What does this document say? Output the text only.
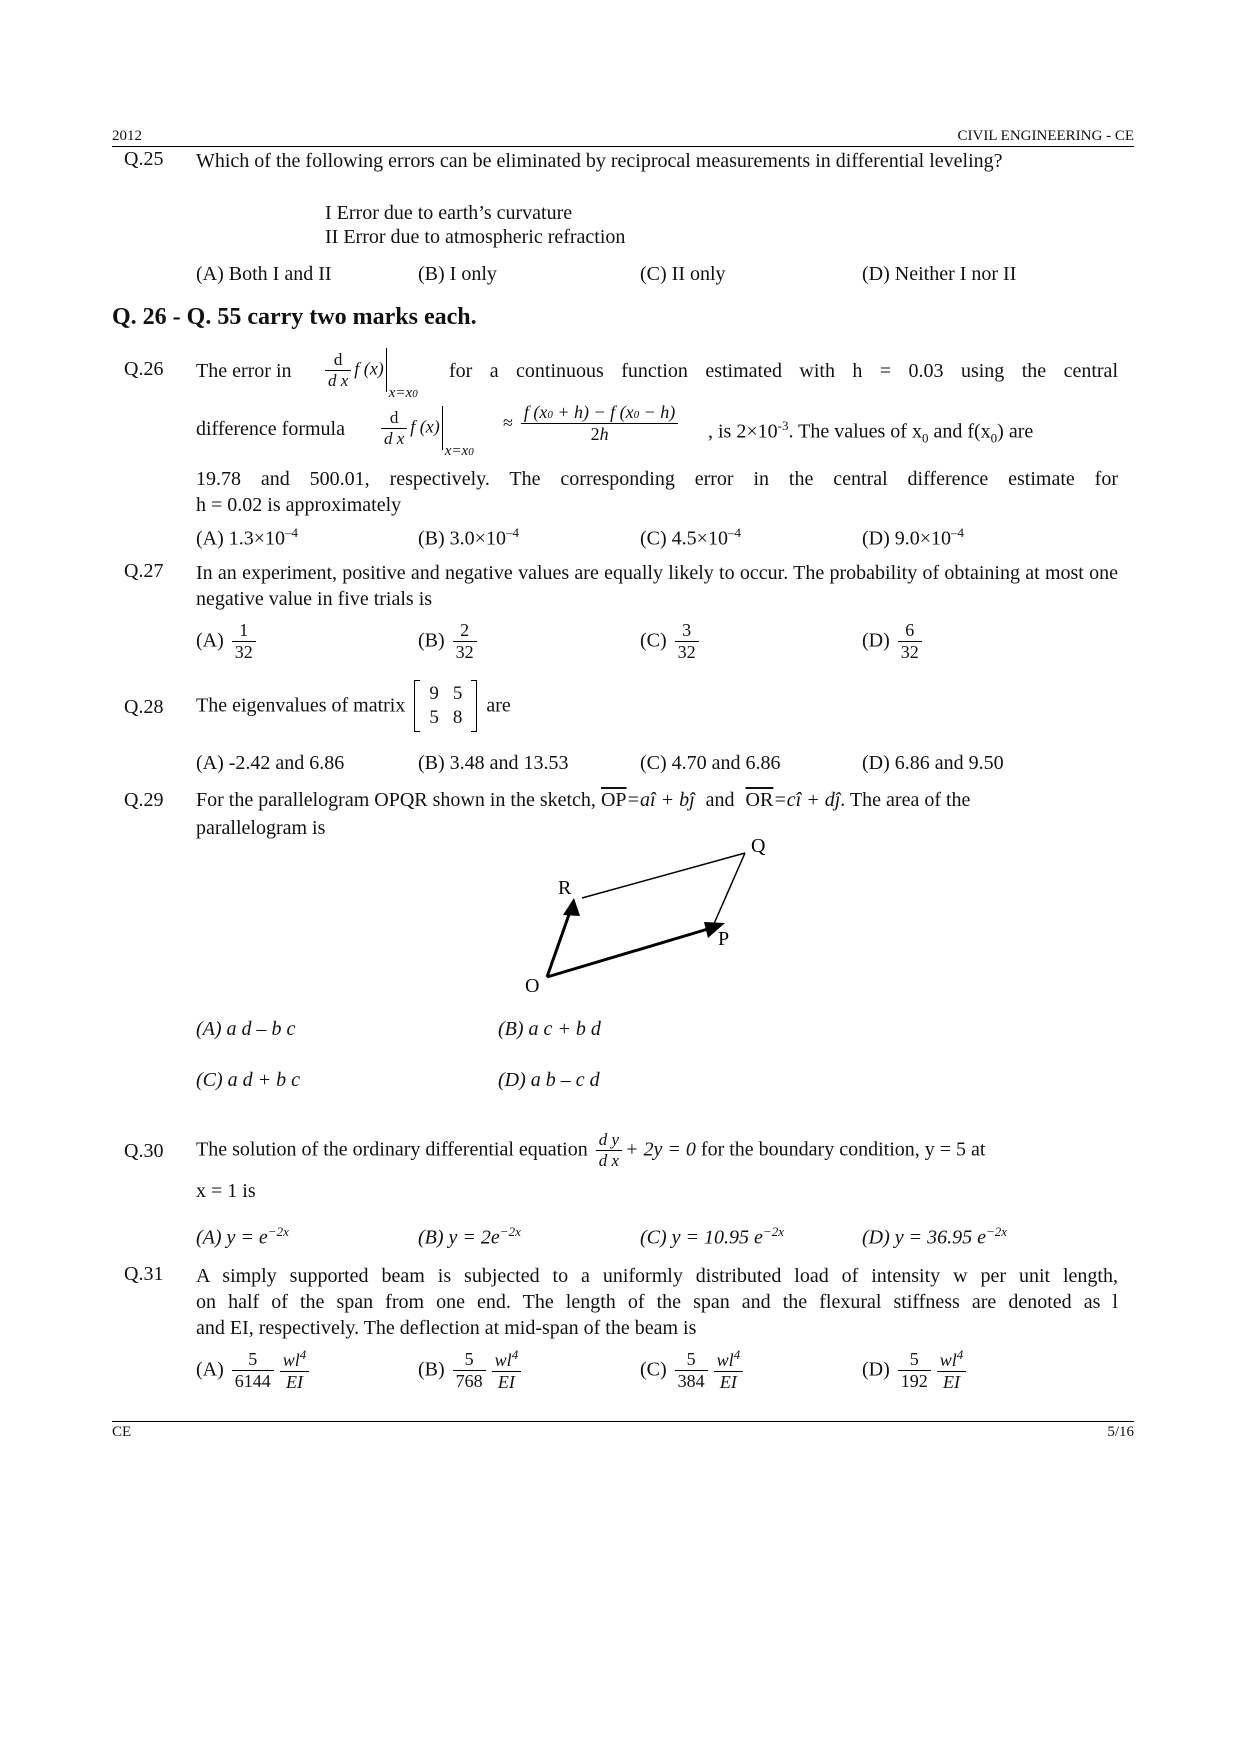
2012	CIVIL ENGINEERING - CE
Q.25 Which of the following errors can be eliminated by reciprocal measurements in differential leveling?
I Error due to earth’s curvature
II Error due to atmospheric refraction
(A) Both I and II	(B) I only	(C) II only	(D) Neither I nor II
Q. 26 - Q. 55 carry two marks each.
Q.26 The error in $\frac{d}{\text{d x}}$ f $(x)_{x=x0}$
for a continuous function estimated with h = 0.03 using the central
difference formula $\frac{d}{\text{d x}}$ f $(x)_{x=x0}$
≈ $\frac{f (x0 + h) - f (x0 - h)}{2h}$ , is $2\times 10^{-3}$. The values of $x_0$ and $f(x_0)$ are
19.78 and 500.01, respectively. The corresponding error in the central difference estimate for
h = 0.02 is approximately
(A) $1.3\times 10^{-4}$	(B) $3.0\times 10^{-4}$	(C) $4.5\times 10^{-4}$	(D) $9.0\times 10^{-4}$
Q.27 In an experiment, positive and negative values are equally likely to occur. The probability of obtaining at most one negative value in five trials is
$(A) \frac{1}{32}$	$(B) \frac{2}{32}$	$(C) \frac{3}{32}$	$(D) \frac{6}{32}$
Q.28 The eigenvalues of matrix
9	5
5	8
are
(A) -2.42 and 6.86	(B) 3.48 and 13.53	(C) 4.70 and 6.86	(D) 6.86 and 9.50
Q.29 For the parallelogram OPQR shown in the sketch, $\overline{OP}=aî$ + bĵ and $\overline{OR}=cî$ + dĵ. The area of the
parallelogram is
O
P
Q
R
(A) a d – b c	(B) a c + b d
(C) a d + b c	(D) a b – c d
Q.30 The solution of the ordinary differential equation $\frac{\text{d y}}{\text{d x}} + 2y = 0$ for the boundary condition, y = 5 at
x = 1 is
(A) $y = e^{-2x}$	(B) $y = 2e^{-2x}$	(C) y = 10.95 $e^{-2x}$	(D) y = 36.95 $e^{-2x}$
Q.31 A simply supported beam is subjected to a uniformly distributed load of intensity w per unit length,
on half of the span from one end. The length of the span and the flexural stiffness are denoted as l
and EI, respectively. The deflection at mid-span of the beam is
$(A) \frac{5}{6144} \frac{wl^4}{EI}$	$(B) \frac{5}{768} \frac{wl^4}{EI}$	$(C) \frac{5}{384} \frac{wl^4}{EI}$	$(D) \frac{5}{192} \frac{wl^4}{EI}$
CE	5/16
